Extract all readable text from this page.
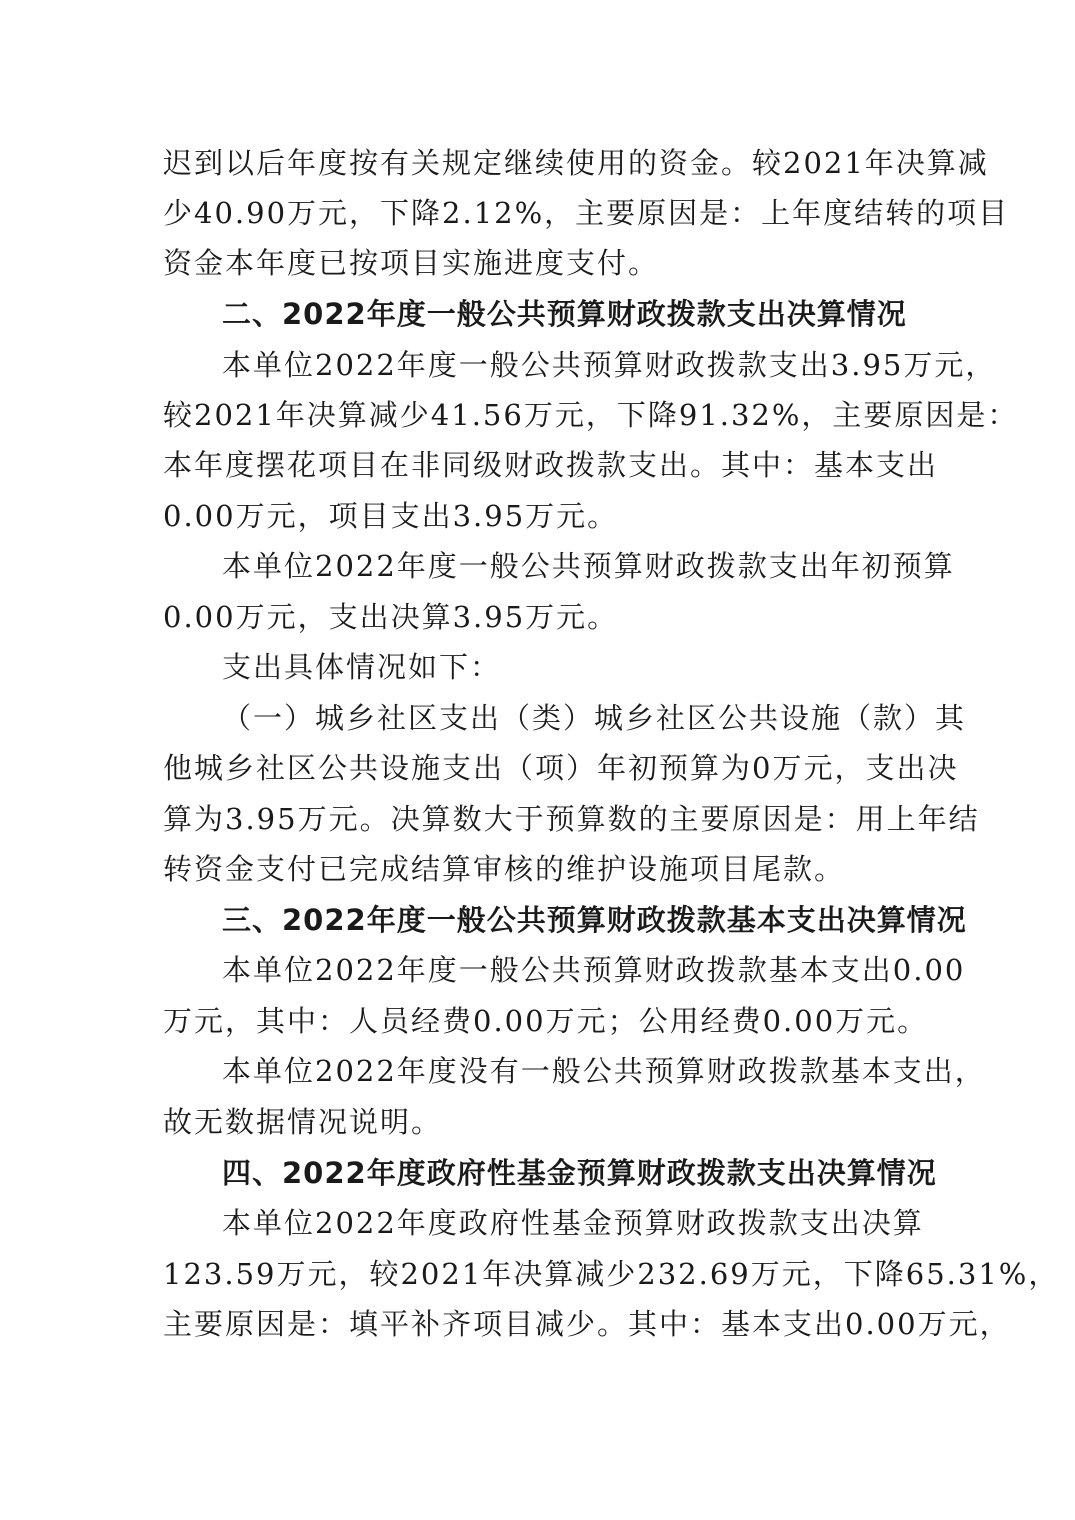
迟到以后年度按有关规定继续使用的资金。较2021年决算减
少40.90万元，下降2.12%，主要原因是：上年度结转的项目
资金本年度已按项目实施进度支付。
二、2022年度一般公共预算财政拨款支出决算情况
本单位2022年度一般公共预算财政拨款支出3.95万元，
较2021年决算减少41.56万元，下降91.32%，主要原因是：
本年度摆花项目在非同级财政拨款支出。其中：基本支出
0.00万元，项目支出3.95万元。
本单位2022年度一般公共预算财政拨款支出年初预算
0.00万元，支出决算3.95万元。
支出具体情况如下：
（一）城乡社区支出（类）城乡社区公共设施（款）其
他城乡社区公共设施支出（项）年初预算为0万元，支出决
算为3.95万元。决算数大于预算数的主要原因是：用上年结
转资金支付已完成结算审核的维护设施项目尾款。
三、2022年度一般公共预算财政拨款基本支出决算情况
本单位2022年度一般公共预算财政拨款基本支出0.00
万元，其中：人员经费0.00万元；公用经费0.00万元。
本单位2022年度没有一般公共预算财政拨款基本支出，
故无数据情况说明。
四、2022年度政府性基金预算财政拨款支出决算情况
本单位2022年度政府性基金预算财政拨款支出决算
123.59万元，较2021年决算减少232.69万元，下降65.31%，
主要原因是：填平补齐项目减少。其中：基本支出0.00万元，
